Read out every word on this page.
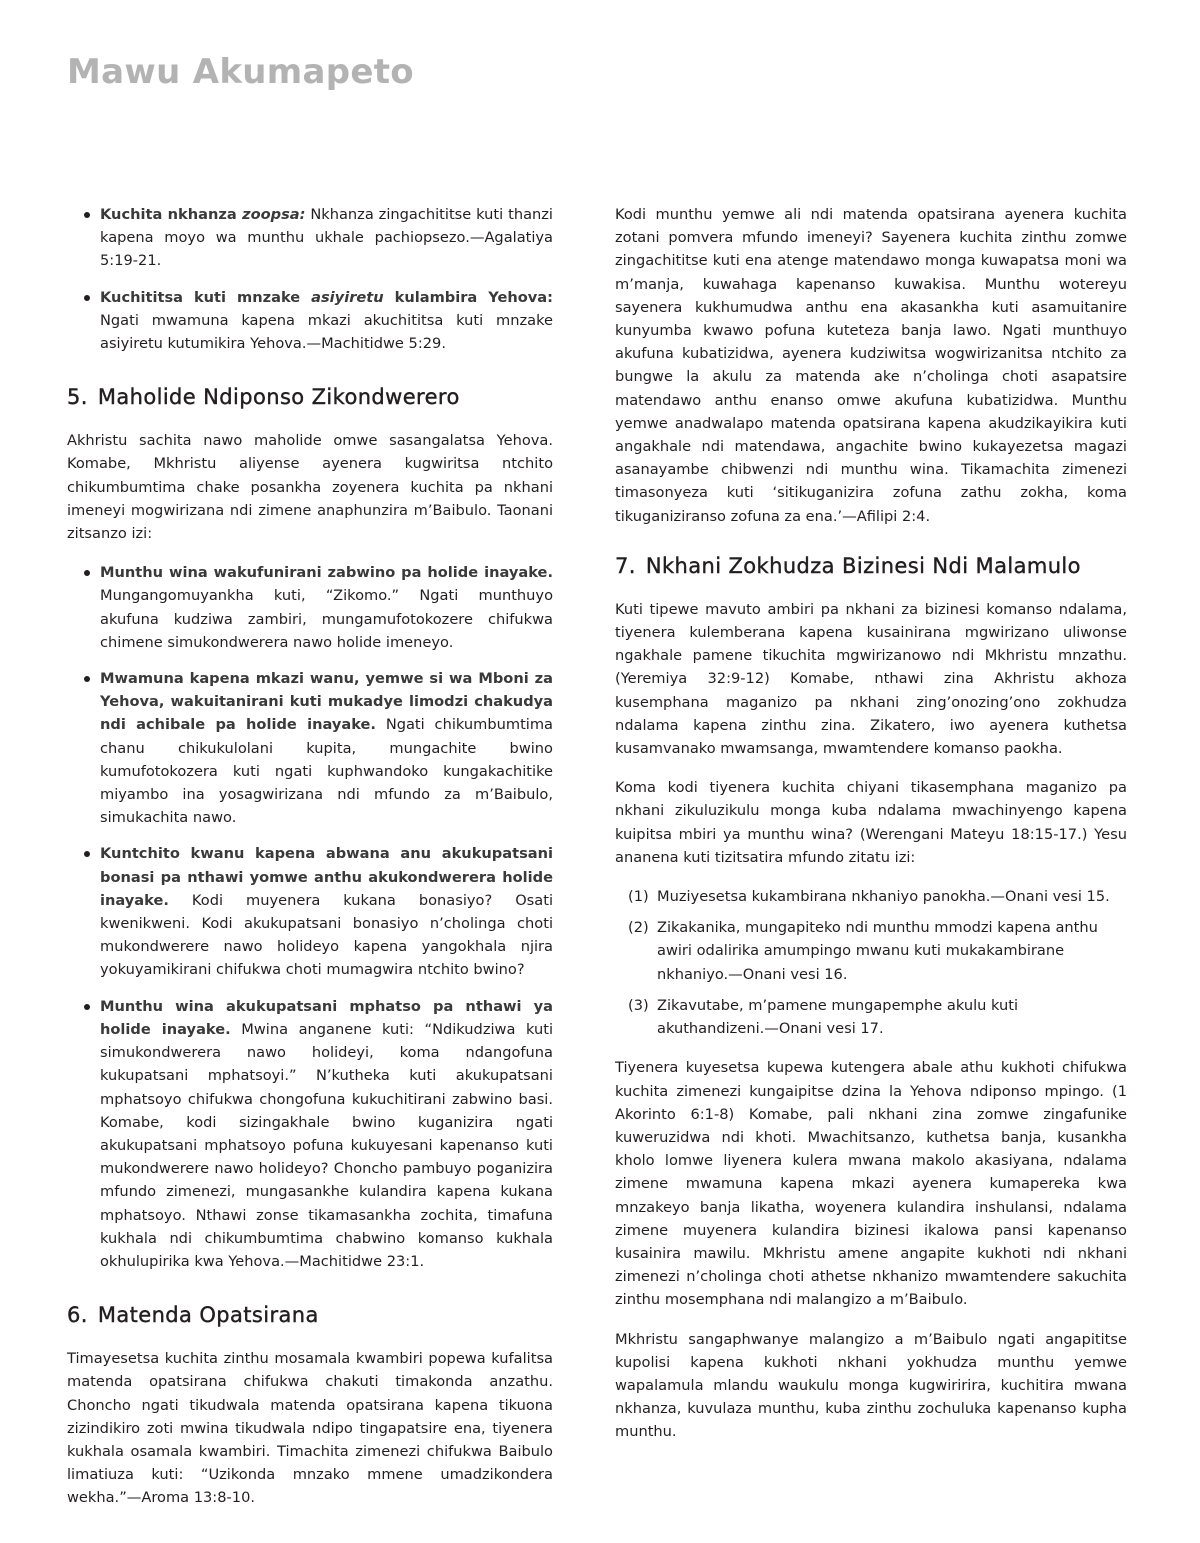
Mawu Akumapeto
Kuchita nkhanza zoopsa: Nkhanza zingachititse kuti thanzi kapena moyo wa munthu ukhale pachiopsezo.—Agalatiya 5:19-21.
Kuchititsa kuti mnzake asiyiretu kulambira Yehova: Ngati mwamuna kapena mkazi akuchititsa kuti mnzake asiyiretu kutumikira Yehova.—Machitidwe 5:29.
5. Maholide Ndiponso Zikondwerero

Akhristu sachita nawo maholide omwe sasangalatsa Yehova. Komabe, Mkhristu aliyense ayenera kugwiritsa ntchito chikumbumtima chake posankha zoyenera kuchita pa nkhani imeneyi mogwirizana ndi zimene anaphunzira m’Baibulo. Taonani zitsanzo izi:

Munthu wina wakufunirani zabwino pa holide inayake. Mungangomuyankha kuti, “Zikomo.” Ngati munthuyo akufuna kudziwa zambiri, mungamufotokozere chifukwa chimene simukondwerera nawo holide imeneyo.
Mwamuna kapena mkazi wanu, yemwe si wa Mboni za Yehova, wakuitanirani kuti mukadye limodzi chakudya ndi achibale pa holide inayake. Ngati chikumbumtima chanu chikukulolani kupita, mungachite bwino kumufotokozera kuti ngati kuphwandoko kungakachitike miyambo ina yosagwirizana ndi mfundo za m’Baibulo, simukachita nawo.
Kuntchito kwanu kapena abwana anu akukupatsani bonasi pa nthawi yomwe anthu akukondwerera holide inayake. Kodi muyenera kukana bonasiyo? Osati kwenikweni. Kodi akukupatsani bonasiyo n’cholinga choti mukondwerere nawo holideyo kapena yangokhala njira yokuyamikirani chifukwa choti mumagwira ntchito bwino?
Munthu wina akukupatsani mphatso pa nthawi ya holide inayake. Mwina anganene kuti: “Ndikudziwa kuti simukondwerera nawo holideyi, koma ndangofuna kukupatsani mphatsoyi.” N’kutheka kuti akukupatsani mphatsoyo chifukwa chongofuna kukuchitirani zabwino basi. Komabe, kodi sizingakhale bwino kuganizira ngati akukupatsani mphatsoyo pofuna kukuyesani kapenanso kuti mukondwerere nawo holideyo? Choncho pambuyo poganizira mfundo zimenezi, mungasankhe kulandira kapena kukana mphatsoyo. Nthawi zonse tikamasankha zochita, timafuna kukhala ndi chikumbumtima chabwino komanso kukhala okhulupirika kwa Yehova.—Machitidwe 23:1.
6. Matenda Opatsirana

Timayesetsa kuchita zinthu mosamala kwambiri popewa kufalitsa matenda opatsirana chifukwa chakuti timakonda anzathu. Choncho ngati tikudwala matenda opatsirana kapena tikuona zizindikiro zoti mwina tikudwala ndipo tingapatsire ena, tiyenera kukhala osamala kwambiri. Timachita zimenezi chifukwa Baibulo limatiuza kuti: “Uzikonda mnzako mmene umadzikondera wekha.”—Aroma 13:8-10.

Kodi munthu yemwe ali ndi matenda opatsirana ayenera kuchita zotani pomvera mfundo imeneyi? Sayenera kuchita zinthu zomwe zingachititse kuti ena atenge matendawo monga kuwapatsa moni wa m’manja, kuwahaga kapenanso kuwakisa. Munthu wotereyu sayenera kukhumudwa anthu ena akasankha kuti asamuitanire kunyumba kwawo pofuna kuteteza banja lawo. Ngati munthuyo akufuna kubatizidwa, ayenera kudziwitsa wogwirizanitsa ntchito za bungwe la akulu za matenda ake n’cholinga choti asapatsire matendawo anthu enanso omwe akufuna kubatizidwa. Munthu yemwe anadwalapo matenda opatsirana kapena akudzikayikira kuti angakhale ndi matendawa, angachite bwino kukayezetsa magazi asanayambe chibwenzi ndi munthu wina. Tikamachita zimenezi timasonyeza kuti ‘sitikuganizira zofuna zathu zokha, koma tikuganiziranso zofuna za ena.’—Afilipi 2:4.

7. Nkhani Zokhudza Bizinesi Ndi Malamulo

Kuti tipewe mavuto ambiri pa nkhani za bizinesi komanso ndalama, tiyenera kulemberana kapena kusainirana mgwirizano uliwonse ngakhale pamene tikuchita mgwirizanowo ndi Mkhristu mnzathu. (Yeremiya 32:9-12) Komabe, nthawi zina Akhristu akhoza kusemphana maganizo pa nkhani zing’onozing’ono zokhudza ndalama kapena zinthu zina. Zikatero, iwo ayenera kuthetsa kusamvanako mwamsanga, mwamtendere komanso paokha.

Koma kodi tiyenera kuchita chiyani tikasemphana maganizo pa nkhani zikuluzikulu monga kuba ndalama mwachinyengo kapena kuipitsa mbiri ya munthu wina? (Werengani Mateyu 18:15-17.) Yesu ananena kuti tizitsatira mfundo zitatu izi:

(1) Muziyesetsa kukambirana nkhaniyo panokha.—Onani vesi 15.
(2) Zikakanika, mungapiteko ndi munthu mmodzi kapena anthu awiri odalirika amumpingo mwanu kuti mukakambirane nkhaniyo.—Onani vesi 16.
(3) Zikavutabe, m’pamene mungapemphe akulu kuti akuthandizeni.—Onani vesi 17.

Tiyenera kuyesetsa kupewa kutengera abale athu kukhoti chifukwa kuchita zimenezi kungaipitse dzina la Yehova ndiponso mpingo. (1 Akorinto 6:1-8) Komabe, pali nkhani zina zomwe zingafunike kuweruzidwa ndi khoti. Mwachitsanzo, kuthetsa banja, kusankha kholo lomwe liyenera kulera mwana makolo akasiyana, ndalama zimene mwamuna kapena mkazi ayenera kumapereka kwa mnzakeyo banja likatha, woyenera kulandira inshulansi, ndalama zimene muyenera kulandira bizinesi ikalowa pansi kapenanso kusainira mawilu. Mkhristu amene angapite kukhoti ndi nkhani zimenezi n’cholinga choti athetse nkhanizo mwamtendere sakuchita zinthu mosemphana ndi malangizo a m’Baibulo.

Mkhristu sangaphwanye malangizo a m’Baibulo ngati angapititse kupolisi kapena kukhoti nkhani yokhudza munthu yemwe wapalamula mlandu waukulu monga kugwiririra, kuchitira mwana nkhanza, kuvulaza munthu, kuba zinthu zochuluka kapenanso kupha munthu.
